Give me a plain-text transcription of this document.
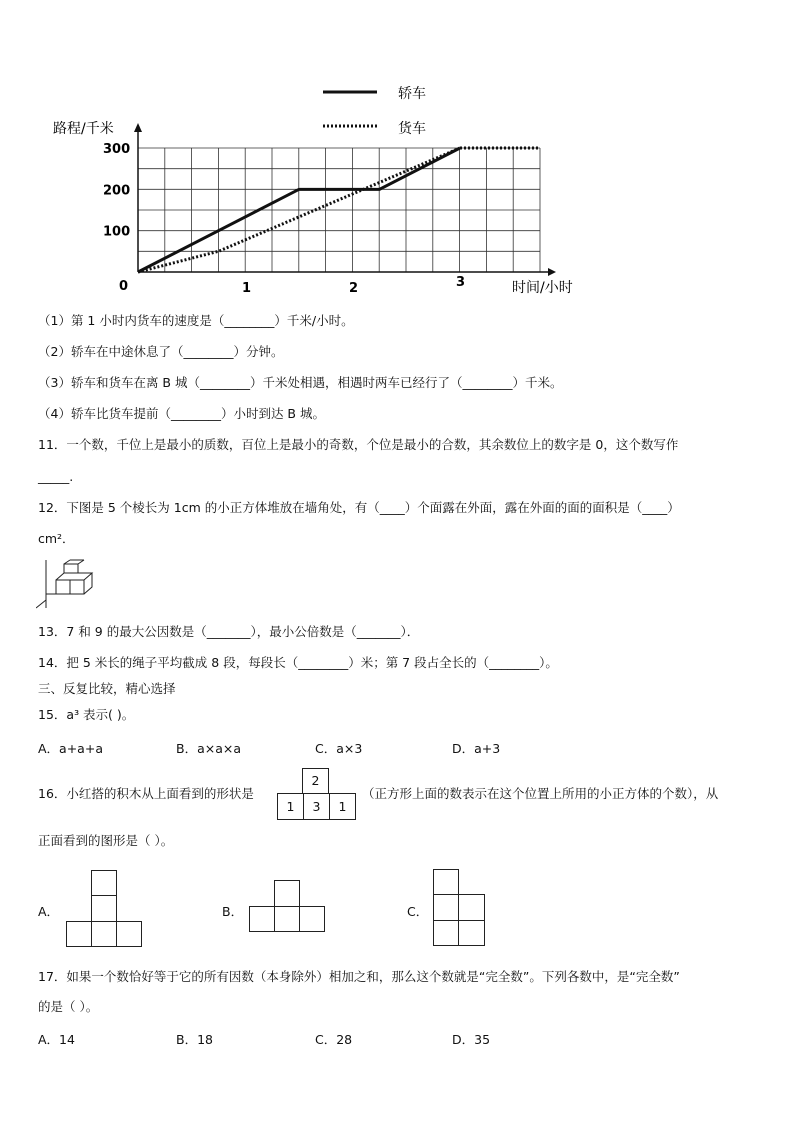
路程/千米
时间/小时
0	1	2	3
100
200
300
轿车
货车
（1）第 1 小时内货车的速度是（________）千米/小时。
（2）轿车在中途休息了（________）分钟。
（3）轿车和货车在离 B 城（________）千米处相遇，相遇时两车已经行了（________）千米。
（4）轿车比货车提前（________）小时到达 B 城。
11．一个数，千位上是最小的质数，百位上是最小的奇数，个位是最小的合数，其余数位上的数字是 0，这个数写作
_____.
12．下图是 5 个棱长为 1cm 的小正方体堆放在墙角处，有（____）个面露在外面，露在外面的面的面积是（____）
cm²．
13．7 和 9 的最大公因数是（_______），最小公倍数是（_______）．
14．把 5 米长的绳子平均截成 8 段，每段长（________）米；第 7 段占全长的（________）。
三、反复比较，精心选择
15．a³ 表示( )。
A．a+a+a	B．a×a×a	C．a×3	D．a+3
16．小红搭的积木从上面看到的形状是
2
1	3	1
（正方形上面的数表示在这个位置上所用的小正方体的个数），从
正面看到的图形是（ ）。
A．	B．	C．
17．如果一个数恰好等于它的所有因数（本身除外）相加之和，那么这个数就是“完全数”。下列各数中，是“完全数”
的是（ ）。
A．14	B．18	C．28	D．35
